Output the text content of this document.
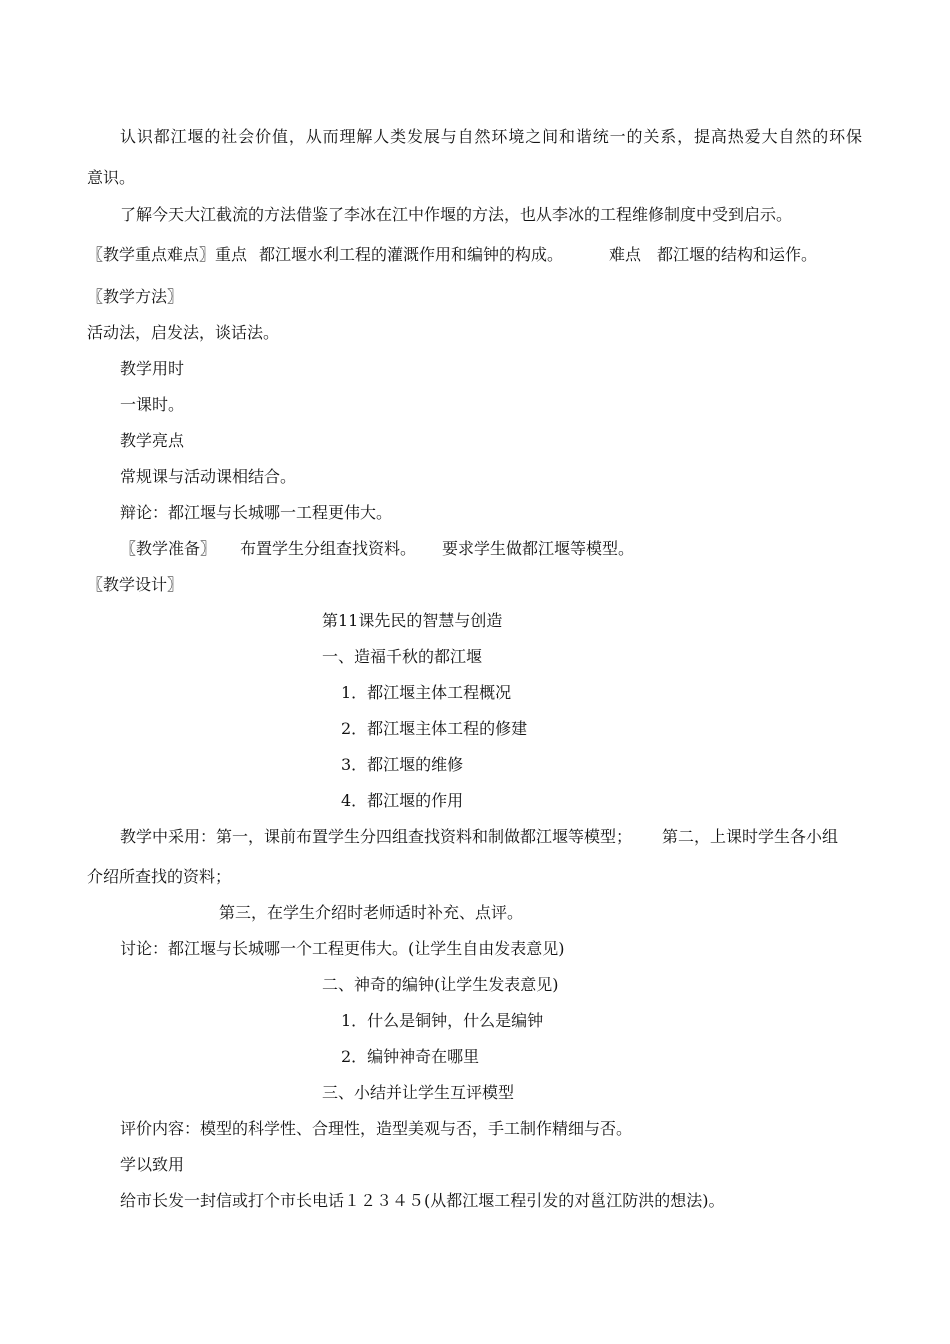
认识都江堰的社会价值，从而理解人类发展与自然环境之间和谐统一的关系，提高热爱大自然的环保
意识。
了解今天大江截流的方法借鉴了李冰在江中作堰的方法，也从李冰的工程维修制度中受到启示。
〖教学重点难点〗重点 都江堰水利工程的灌溉作用和编钟的构成。	难点 都江堰的结构和运作。
〖教学方法〗
活动法，启发法，谈话法。
教学用时
一课时。
教学亮点
常规课与活动课相结合。
辩论：都江堰与长城哪一工程更伟大。
〖教学准备〗 布置学生分组查找资料。 要求学生做都江堰等模型。
〖教学设计〗
第11课先民的智慧与创造
一、造福千秋的都江堰
1．都江堰主体工程概况
2．都江堰主体工程的修建
3．都江堰的维修
4．都江堰的作用
教学中采用：第一，课前布置学生分四组查找资料和制做都江堰等模型； 第二，上课时学生各小组
介绍所查找的资料；
第三，在学生介绍时老师适时补充、点评。
讨论：都江堰与长城哪一个工程更伟大。(让学生自由发表意见)
二、神奇的编钟(让学生发表意见)
1．什么是铜钟，什么是编钟
2．编钟神奇在哪里
三、小结并让学生互评模型
评价内容：模型的科学性、合理性，造型美观与否，手工制作精细与否。
学以致用
给市长发一封信或打个市长电话１２３４５(从都江堰工程引发的对邕江防洪的想法)。
